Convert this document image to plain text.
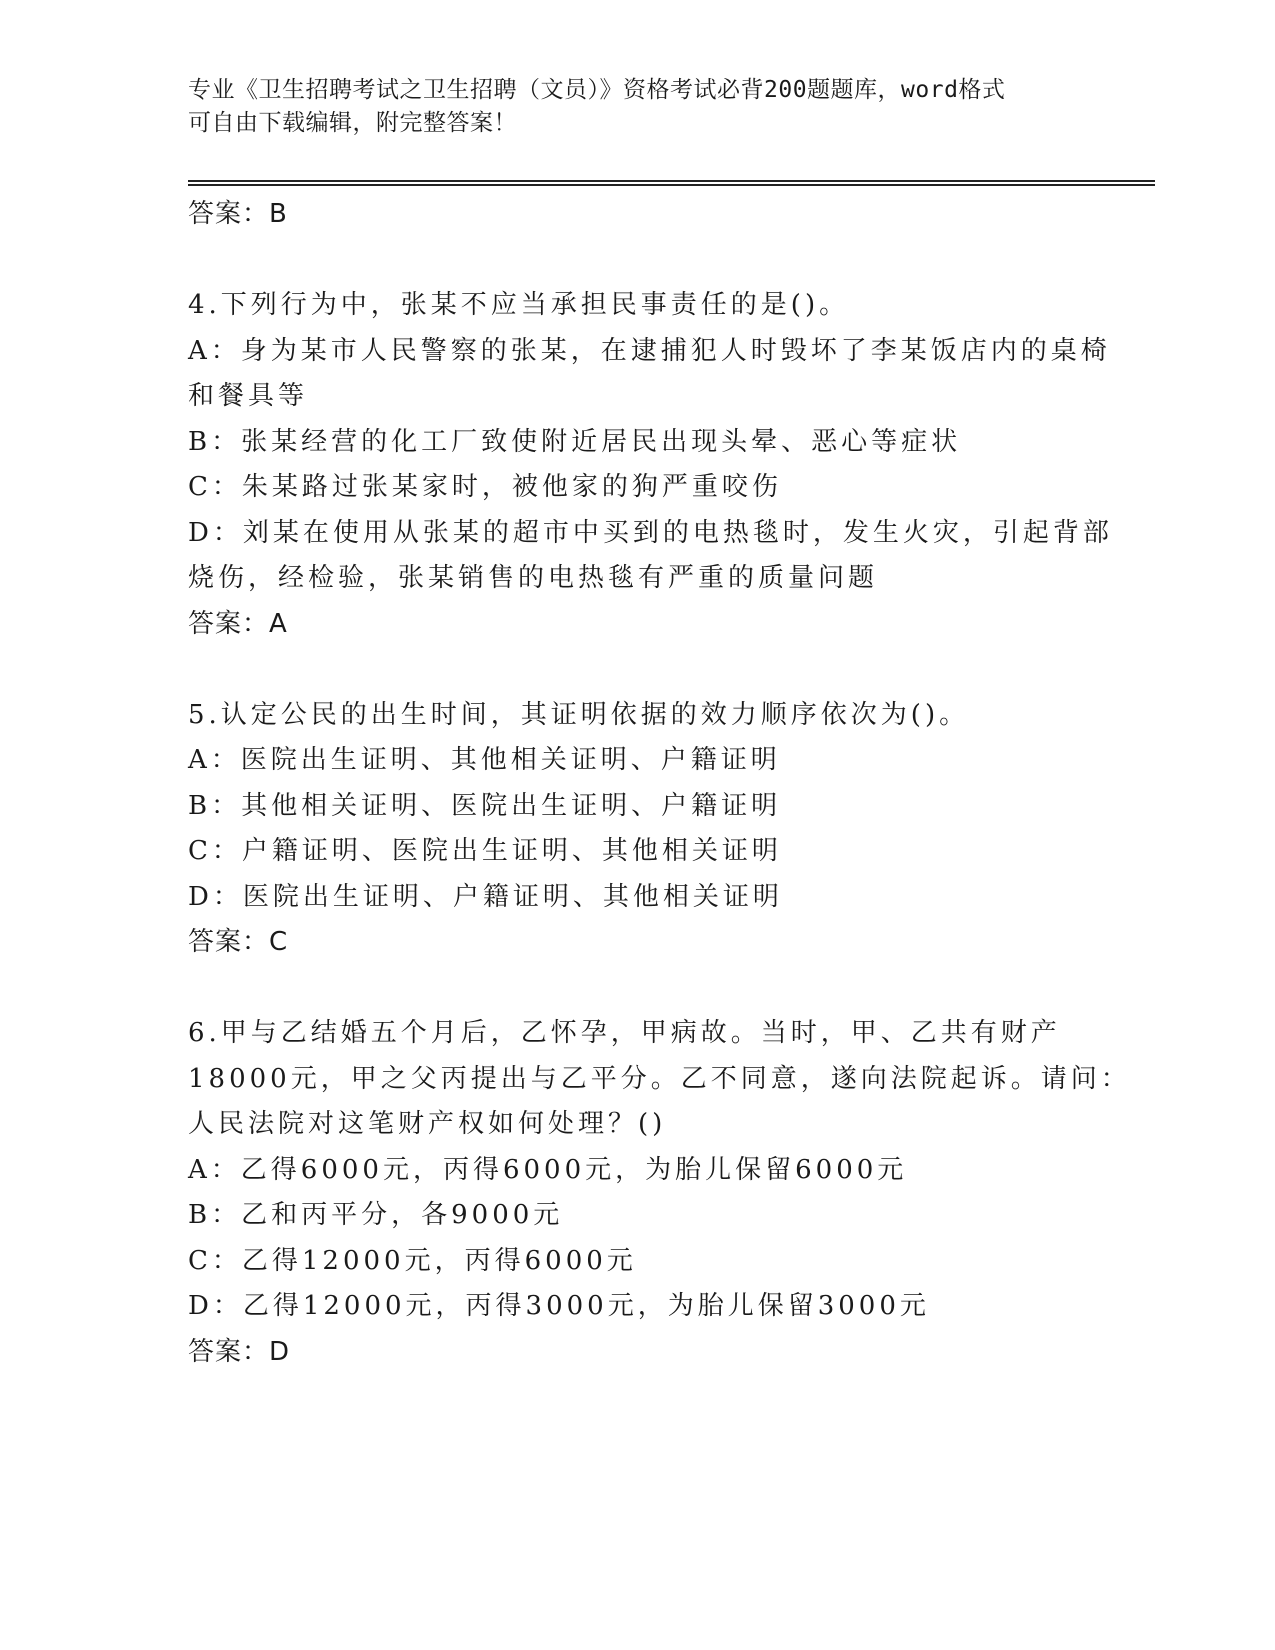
专业《卫生招聘考试之卫生招聘（文员）》资格考试必背200题题库，word格式
可自由下载编辑，附完整答案！
答案：B
4.下列行为中，张某不应当承担民事责任的是()。
A：身为某市人民警察的张某，在逮捕犯人时毁坏了李某饭店内的桌椅
和餐具等
B：张某经营的化工厂致使附近居民出现头晕、恶心等症状
C：朱某路过张某家时，被他家的狗严重咬伤
D：刘某在使用从张某的超市中买到的电热毯时，发生火灾，引起背部
烧伤，经检验，张某销售的电热毯有严重的质量问题
答案：A
5.认定公民的出生时间，其证明依据的效力顺序依次为()。
A：医院出生证明、其他相关证明、户籍证明
B：其他相关证明、医院出生证明、户籍证明
C：户籍证明、医院出生证明、其他相关证明
D：医院出生证明、户籍证明、其他相关证明
答案：C
6.甲与乙结婚五个月后，乙怀孕，甲病故。当时，甲、乙共有财产
18000元，甲之父丙提出与乙平分。乙不同意，遂向法院起诉。请问：
人民法院对这笔财产权如何处理？()
A：乙得6000元，丙得6000元，为胎儿保留6000元
B：乙和丙平分，各9000元
C：乙得12000元，丙得6000元
D：乙得12000元，丙得3000元，为胎儿保留3000元
答案：D
